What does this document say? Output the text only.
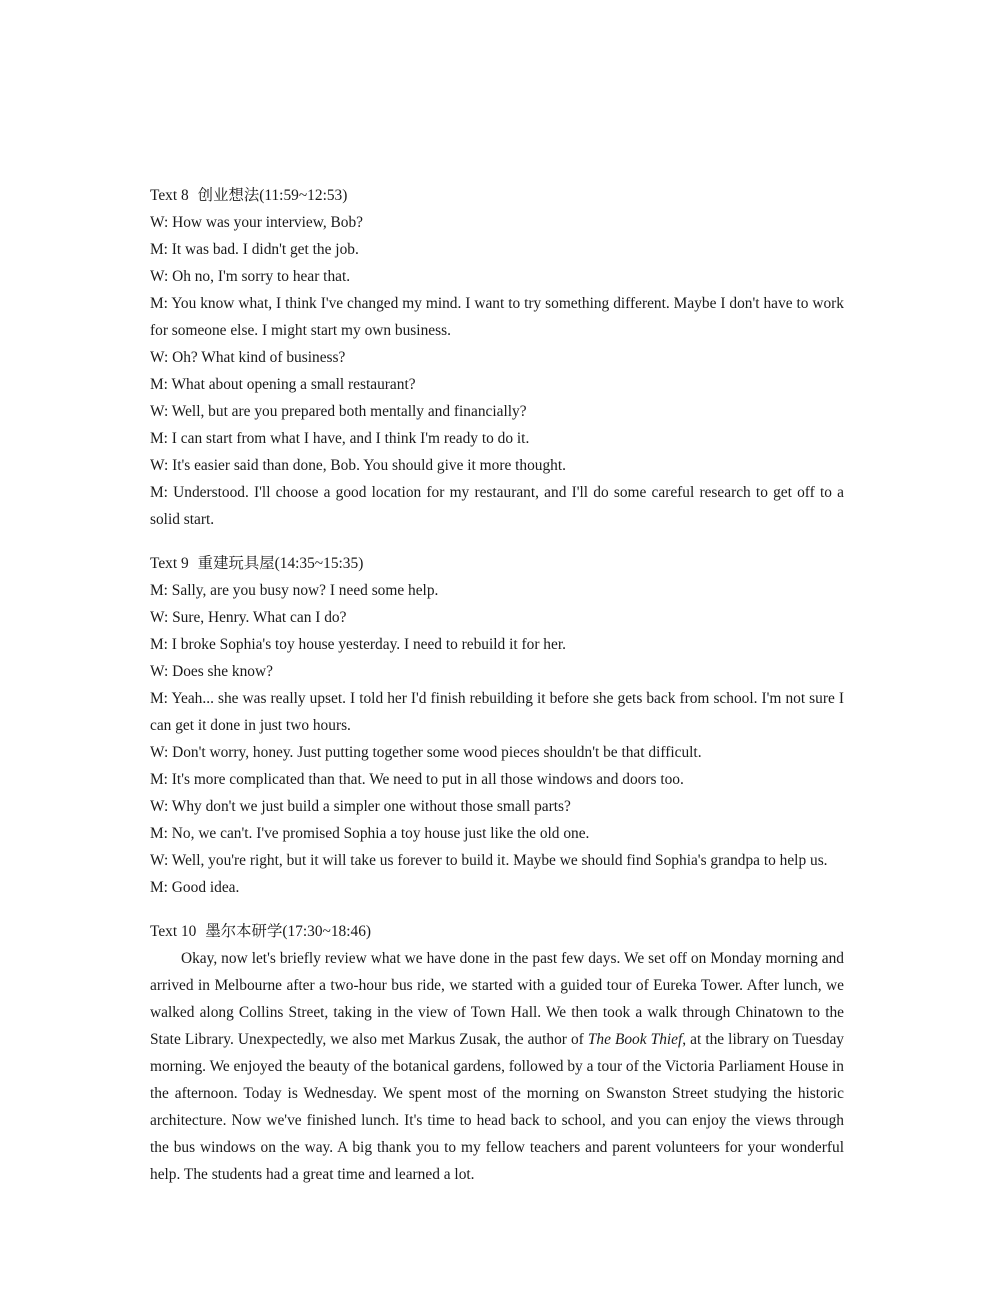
Text 8 创业想法(11:59~12:53)
W: How was your interview, Bob?
M: It was bad. I didn't get the job.
W: Oh no, I'm sorry to hear that.
M: You know what, I think I've changed my mind. I want to try something different. Maybe I don't have to work for someone else. I might start my own business.
W: Oh? What kind of business?
M: What about opening a small restaurant?
W: Well, but are you prepared both mentally and financially?
M: I can start from what I have, and I think I'm ready to do it.
W: It's easier said than done, Bob. You should give it more thought.
M: Understood. I'll choose a good location for my restaurant, and I'll do some careful research to get off to a solid start.
Text 9 重建玩具屋(14:35~15:35)
M: Sally, are you busy now? I need some help.
W: Sure, Henry. What can I do?
M: I broke Sophia's toy house yesterday. I need to rebuild it for her.
W: Does she know?
M: Yeah... she was really upset. I told her I'd finish rebuilding it before she gets back from school. I'm not sure I can get it done in just two hours.
W: Don't worry, honey. Just putting together some wood pieces shouldn't be that difficult.
M: It's more complicated than that. We need to put in all those windows and doors too.
W: Why don't we just build a simpler one without those small parts?
M: No, we can't. I've promised Sophia a toy house just like the old one.
W: Well, you're right, but it will take us forever to build it. Maybe we should find Sophia's grandpa to help us.
M: Good idea.
Text 10 墨尔本研学(17:30~18:46)
Okay, now let's briefly review what we have done in the past few days. We set off on Monday morning and arrived in Melbourne after a two-hour bus ride, we started with a guided tour of Eureka Tower. After lunch, we walked along Collins Street, taking in the view of Town Hall. We then took a walk through Chinatown to the State Library. Unexpectedly, we also met Markus Zusak, the author of The Book Thief, at the library on Tuesday morning. We enjoyed the beauty of the botanical gardens, followed by a tour of the Victoria Parliament House in the afternoon. Today is Wednesday. We spent most of the morning on Swanston Street studying the historic architecture. Now we've finished lunch. It's time to head back to school, and you can enjoy the views through the bus windows on the way. A big thank you to my fellow teachers and parent volunteers for your wonderful help. The students had a great time and learned a lot.
